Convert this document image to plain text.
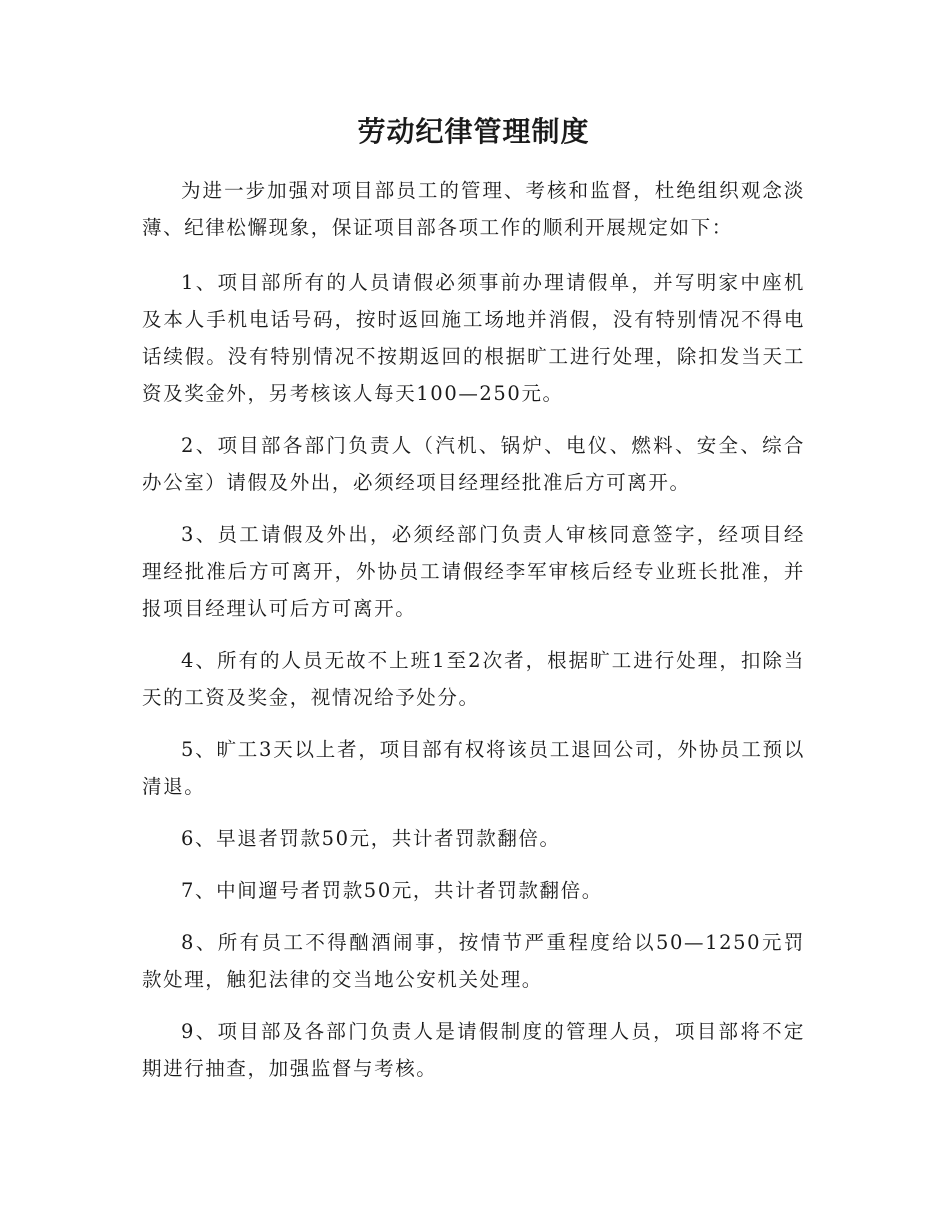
劳动纪律管理制度

为进一步加强对项目部员工的管理、考核和监督，杜绝组织观念淡薄、纪律松懈现象，保证项目部各项工作的顺利开展规定如下：

1、项目部所有的人员请假必须事前办理请假单，并写明家中座机及本人手机电话号码，按时返回施工场地并消假，没有特别情况不得电话续假。没有特别情况不按期返回的根据旷工进行处理，除扣发当天工资及奖金外，另考核该人每天100—250元。

2、项目部各部门负责人（汽机、锅炉、电仪、燃料、安全、综合办公室）请假及外出，必须经项目经理经批准后方可离开。

3、员工请假及外出，必须经部门负责人审核同意签字，经项目经理经批准后方可离开，外协员工请假经李军审核后经专业班长批准，并报项目经理认可后方可离开。

4、所有的人员无故不上班1至2次者，根据旷工进行处理，扣除当天的工资及奖金，视情况给予处分。

5、旷工3天以上者，项目部有权将该员工退回公司，外协员工预以清退。

6、早退者罚款50元，共计者罚款翻倍。

7、中间遛号者罚款50元，共计者罚款翻倍。

8、所有员工不得酗酒闹事，按情节严重程度给以50—1250元罚款处理，触犯法律的交当地公安机关处理。

9、项目部及各部门负责人是请假制度的管理人员，项目部将不定期进行抽查，加强监督与考核。
